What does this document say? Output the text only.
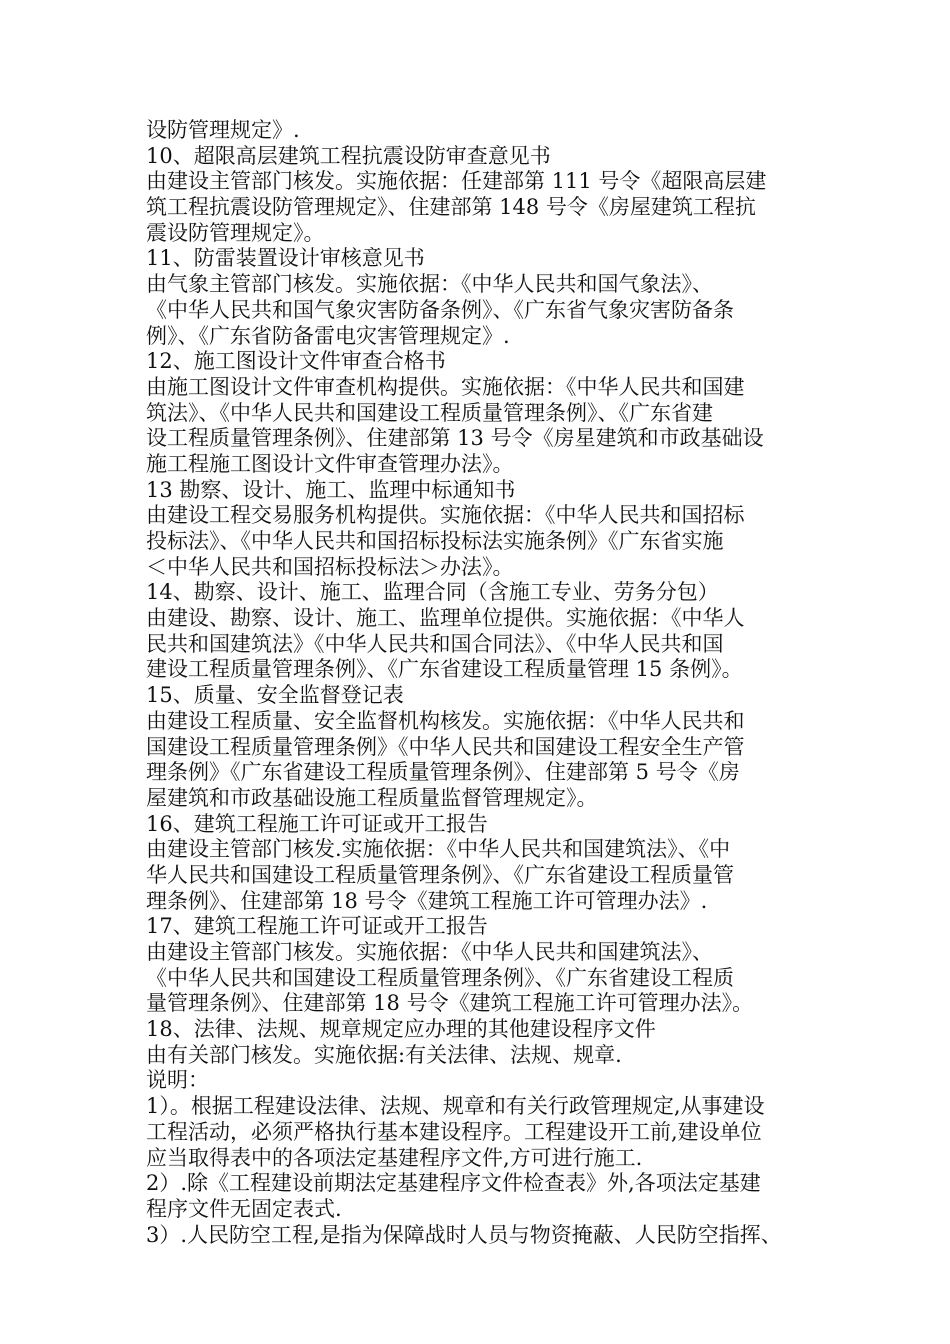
设防管理规定》.

10、超限高层建筑工程抗震设防审查意见书

由建设主管部门核发。实施依据：任建部第 111 号令《超限高层建

筑工程抗震设防管理规定》、住建部第 148 号令《房屋建筑工程抗

震设防管理规定》。

11、防雷装置设计审核意见书

由气象主管部门核发。实施依据：《中华人民共和国气象法》、

《中华人民共和国气象灾害防备条例》、《广东省气象灾害防备条

例》、《广东省防备雷电灾害管理规定》.

12、施工图设计文件审查合格书

由施工图设计文件审查机构提供。实施依据：《中华人民共和国建

筑法》、《中华人民共和国建设工程质量管理条例》、《广东省建

设工程质量管理条例》、住建部第 13 号令《房星建筑和市政基础设

施工程施工图设计文件审查管理办法》。

13 勘察、设计、施工、监理中标通知书

由建设工程交易服务机构提供。实施依据：《中华人民共和国招标

投标法》、《中华人民共和国招标投标法实施条例》《广东省实施

＜中华人民共和国招标投标法＞办法》。

14、勘察、设计、施工、监理合同（含施工专业、劳务分包）

由建设、勘察、设计、施工、监理单位提供。实施依据：《中华人

民共和国建筑法》《中华人民共和国合同法》、《中华人民共和国

建设工程质量管理条例》、《广东省建设工程质量管理 15 条例》。

15、质量、安全监督登记表

由建设工程质量、安全监督机构核发。实施依据：《中华人民共和

国建设工程质量管理条例》《中华人民共和国建设工程安全生产管

理条例》《广东省建设工程质量管理条例》、住建部第 5 号令《房

屋建筑和市政基础设施工程质量监督管理规定》。

16、建筑工程施工许可证或开工报告

由建设主管部门核发.实施依据：《中华人民共和国建筑法》、《中

华人民共和国建设工程质量管理条例》、《广东省建设工程质量管

理条例》、住建部第 18 号令《建筑工程施工许可管理办法》.

17、建筑工程施工许可证或开工报告

由建设主管部门核发。实施依据：《中华人民共和国建筑法》、

《中华人民共和国建设工程质量管理条例》、《广东省建设工程质

量管理条例》、住建部第 18 号令《建筑工程施工许可管理办法》。

18、法律、法规、规章规定应办理的其他建设程序文件

由有关部门核发。实施依据:有关法律、法规、规章.

说明：

1）。根据工程建设法律、法规、规章和有关行政管理规定,从事建设

工程活动，必须严格执行基本建设程序。工程建设开工前,建设单位

应当取得表中的各项法定基建程序文件,方可进行施工.

2）.除《工程建设前期法定基建程序文件检查表》外,各项法定基建

程序文件无固定表式.

3）.人民防空工程,是指为保障战时人员与物资掩蔽、人民防空指挥、
